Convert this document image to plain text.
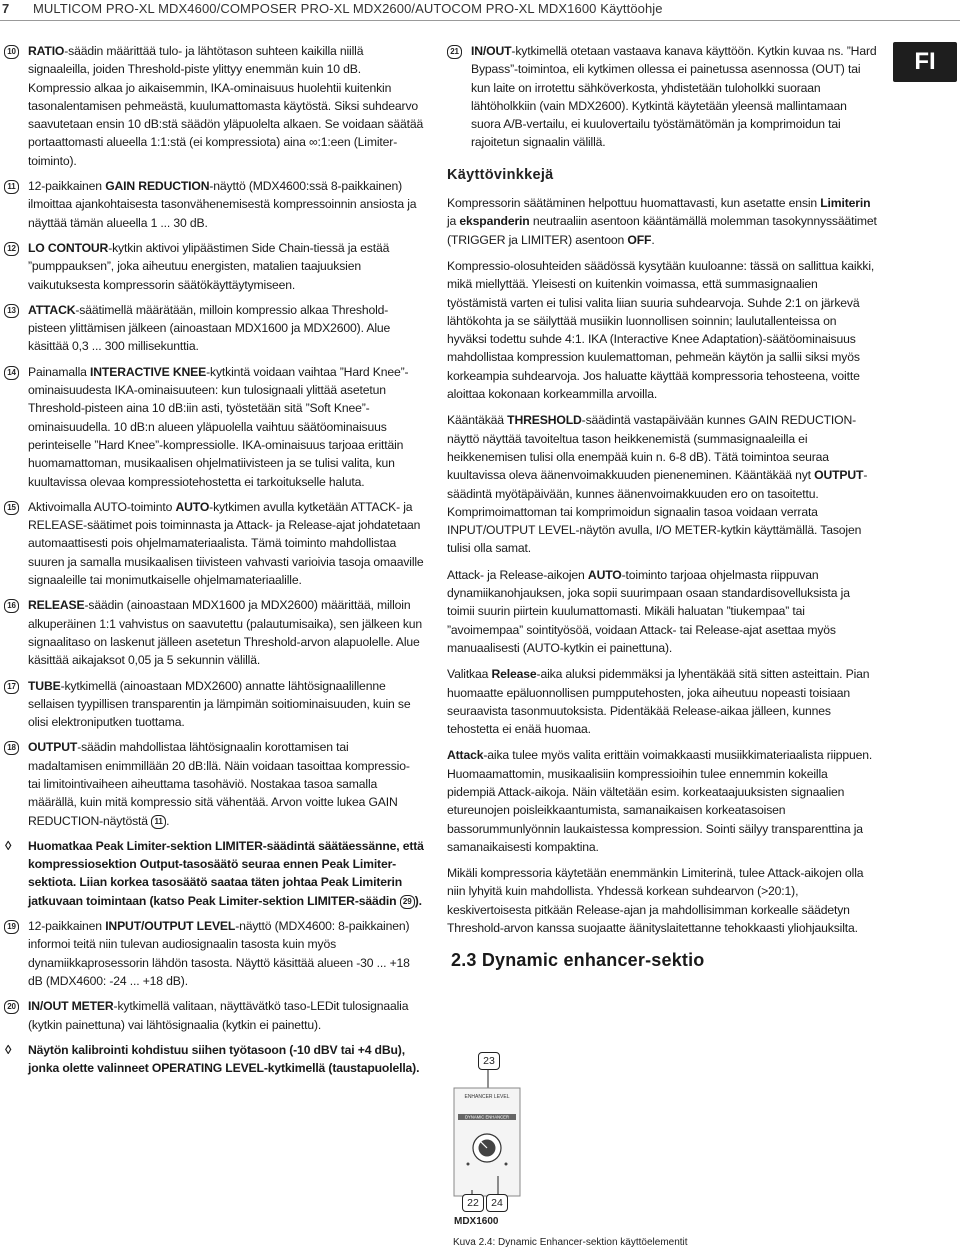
7 MULTICOM PRO-XL MDX4600/COMPOSER PRO-XL MDX2600/AUTOCOM PRO-XL MDX1600 Käyttöohje
FI
10 RATIO-säädin määrittää tulo- ja lähtötason suhteen kaikilla niillä signaaleilla, joiden Threshold-piste ylittyy enemmän kuin 10 dB. Kompressio alkaa jo aikaisemmin, IKA-ominaisuus huolehtii kuitenkin tasonalentamisen pehmeästä, kuulumattomasta käytöstä. Siksi suhdearvo saavutetaan ensin 10 dB:stä säädön yläpuolelta alkaen. Se voidaan säätää portaattomasti alueella 1:1:stä (ei kompressiota) aina ∞:1:een (Limiter-toiminto).
11 12-paikkainen GAIN REDUCTION-näyttö (MDX4600:ssä 8-paikkainen) ilmoittaa ajankohtaisesta tasonvähenemisestä kompressoinnin ansiosta ja näyttää tämän alueella 1 ... 30 dB.
12 LO CONTOUR-kytkin aktivoi ylipäästimen Side Chain-tiessä ja estää ”pumppauksen”, joka aiheutuu energisten, matalien taajuuksien vaikutuksesta kompressorin säätökäyttäytymiseen.
13 ATTACK-säätimellä määrätään, milloin kompressio alkaa Threshold-pisteen ylittämisen jälkeen (ainoastaan MDX1600 ja MDX2600). Alue käsittää 0,3 ... 300 millisekunttia.
14 Painamalla INTERACTIVE KNEE-kytkintä voidaan vaihtaa ”Hard Knee”-ominaisuudesta IKA-ominaisuuteen: kun tulosignaali ylittää asetetun Threshold-pisteen aina 10 dB:iin asti, työstetään sitä ”Soft Knee”-ominaisuudella. 10 dB:n alueen yläpuolella vaihtuu säätöominaisuus perinteiselle ”Hard Knee”-kompressiolle. IKA-ominaisuus tarjoaa erittäin huomamattoman, musikaalisen ohjelmatiivisteen ja se tulisi valita, kun kuultavissa olevaa kompressiotehostetta ei tarkoitukselle haluta.
15 Aktivoimalla AUTO-toiminto AUTO-kytkimen avulla kytketään ATTACK- ja RELEASE-säätimet pois toiminnasta ja Attack- ja Release-ajat johdatetaan automaattisesti pois ohjelmamateriaalista. Tämä toiminto mahdollistaa suuren ja samalla musikaalisen tiivisteen vahvasti varioivia tasoja omaaville signaaleille tai monimutkaiselle ohjelmamateriaalille.
16 RELEASE-säädin (ainoastaan MDX1600 ja MDX2600) määrittää, milloin alkuperäinen 1:1 vahvistus on saavutettu (palautumisaika), sen jälkeen kun signaalitaso on laskenut jälleen asetetun Threshold-arvon alapuolelle. Alue käsittää aikajaksot 0,05 ja 5 sekunnin välillä.
17 TUBE-kytkimellä (ainoastaan MDX2600) annatte lähtösignaalillenne sellaisen tyypillisen transparentin ja lämpimän soitiominaisuuden, kuin se olisi elektroniputken tuottama.
18 OUTPUT-säädin mahdollistaa lähtösignaalin korottamisen tai madaltamisen enimmillään 20 dB:llä. Näin voidaan tasoittaa kompressio- tai limitointivaiheen aiheuttama tasohäviö. Nostakaa tasoa samalla määrällä, kuin mitä kompressio sitä vähentää. Arvon voitte lukea GAIN REDUCTION-näytöstä 11 .
◊ Huomatkaa Peak Limiter-sektion LIMITER-säädintä säätäessänne, että kompressiosektion Output-tasosäätö seuraa ennen Peak Limiter-sektiota. Liian korkea tasosäätö saataa täten johtaa Peak Limiterin jatkuvaan toimintaan (katso Peak Limiter-sektion LIMITER-säädin 29 ).
19 12-paikkainen INPUT/OUTPUT LEVEL-näyttö (MDX4600: 8-paikkainen) informoi teitä niin tulevan audiosignaalin tasosta kuin myös dynamiikkaprosessorin lähdön tasosta. Näyttö käsittää alueen -30 ... +18 dB (MDX4600: -24 ... +18 dB).
20 IN/OUT METER-kytkimellä valitaan, näyttävätkö taso-LEDit tulosignaalia (kytkin painettuna) vai lähtösignaalia (kytkin ei painettu).
◊ Näytön kalibrointi kohdistuu siihen työtasoon (-10 dBV tai +4 dBu), jonka olette valinneet OPERATING LEVEL-kytkimellä (taustapuolella).
21 IN/OUT-kytkimellä otetaan vastaava kanava käyttöön. Kytkin kuvaa ns. ”Hard Bypass”-toimintoa, eli kytkimen ollessa ei painetussa asennossa (OUT) tai kun laite on irrotettu sähköverkosta, yhdistetään tuloholkki suoraan lähtöholkkiin (vain MDX2600). Kytkintä käytetään yleensä mallintamaan suora A/B-vertailu, ei kuulovertailu työstämätömän ja komprimoidun tai rajoitetun signaalin välillä.
Käyttövinkkejä
Kompressorin säätäminen helpottuu huomattavasti, kun asetatte ensin Limiterin ja ekspanderin neutraaliin asentoon kääntämällä molemman tasokynnyssäätimet (TRIGGER ja LIMITER) asentoon OFF.
Kompressio-olosuhteiden säädössä kysytään kuuloanne: tässä on sallittua kaikki, mikä miellyttää. Yleisesti on kuitenkin voimassa, että summasignaalien työstämistä varten ei tulisi valita liian suuria suhdearvoja. Suhde 2:1 on järkevä lähtökohta ja se säilyttää musiikin luonnollisen soinnin; laulutallenteissa on hyväksi todettu suhde 4:1. IKA (Interactive Knee Adaptation)-säätöominaisuus mahdollistaa kompression kuulemattoman, pehmeän käytön ja sallii siksi myös korkeampia suhdearvoja. Jos haluatte käyttää kompressoria tehosteena, voitte aloittaa kokonaan korkeammilla arvoilla.
Kääntäkää THRESHOLD-säädintä vastapäivään kunnes GAIN REDUCTION-näyttö näyttää tavoiteltua tason heikkenemistä (summasignaaleilla ei heikkenemisen tulisi olla enempää kuin n. 6-8 dB). Tätä toimintoa seuraa kuultavissa oleva äänenvoimakkuuden pieneneminen. Kääntäkää nyt OUTPUT-säädintä myötäpäivään, kunnes äänenvoimakkuuden ero on tasoitettu. Komprimoimattoman tai komprimoidun signaalin tasoa voidaan verrata INPUT/OUTPUT LEVEL-näytön avulla, I/O METER-kytkin käyttämällä. Tasojen tulisi olla samat.
Attack- ja Release-aikojen AUTO-toiminto tarjoaa ohjelmasta riippuvan dynamiikanohjauksen, joka sopii suurimpaan osaan standardisovelluksista ja toimii suurin piirtein kuulumattomasti. Mikäli haluatan ”tiukempaa” tai ”avoimempaa” sointityösöä, voidaan Attack- tai Release-ajat asettaa myös manuaalisesti (AUTO-kytkin ei painettuna).
Valitkaa Release-aika aluksi pidemmäksi ja lyhentäkää sitä sitten asteittain. Pian huomaatte epäluonnollisen pumpputehosten, joka aiheutuu nopeasti toisiaan seuraavista tasonmuutoksista. Pidentäkää Release-aikaa jälleen, kunnes tehostetta ei enää huomaa.
Attack-aika tulee myös valita erittäin voimakkaasti musiikkimateriaalista riippuen. Huomaamattomin, musikaalisiin kompressioihin tulee ennemmin kokeilla pidempiä Attack-aikoja. Näin vältetään esim. korkeataajuuksisten signaalien etureunojen poisleikkaantumista, samanaikaisen korkeatasoisen bassorummunlyönnin laukaistessa kompression. Sointi säilyy transparenttina ja samanaikaisesti kompaktina.
Mikäli kompressoria käytetään enemmänkin Limiterinä, tulee Attack-aikojen olla niin lyhyitä kuin mahdollista. Yhdessä korkean suhdearvon (>20:1), keskivertoisesta pitkään Release-ajan ja mahdollisimman korkealle säädetyn Threshold-arvon kanssa suojaatte äänityslaitettanne tehokkaasti yliohjauksilta.
2.3 Dynamic enhancer-sektio
23
ENHANCER LEVEL
DYNAMIC ENHANCER
22	24
MDX1600
Kuva 2.4: Dynamic Enhancer-sektion käyttöelementit
